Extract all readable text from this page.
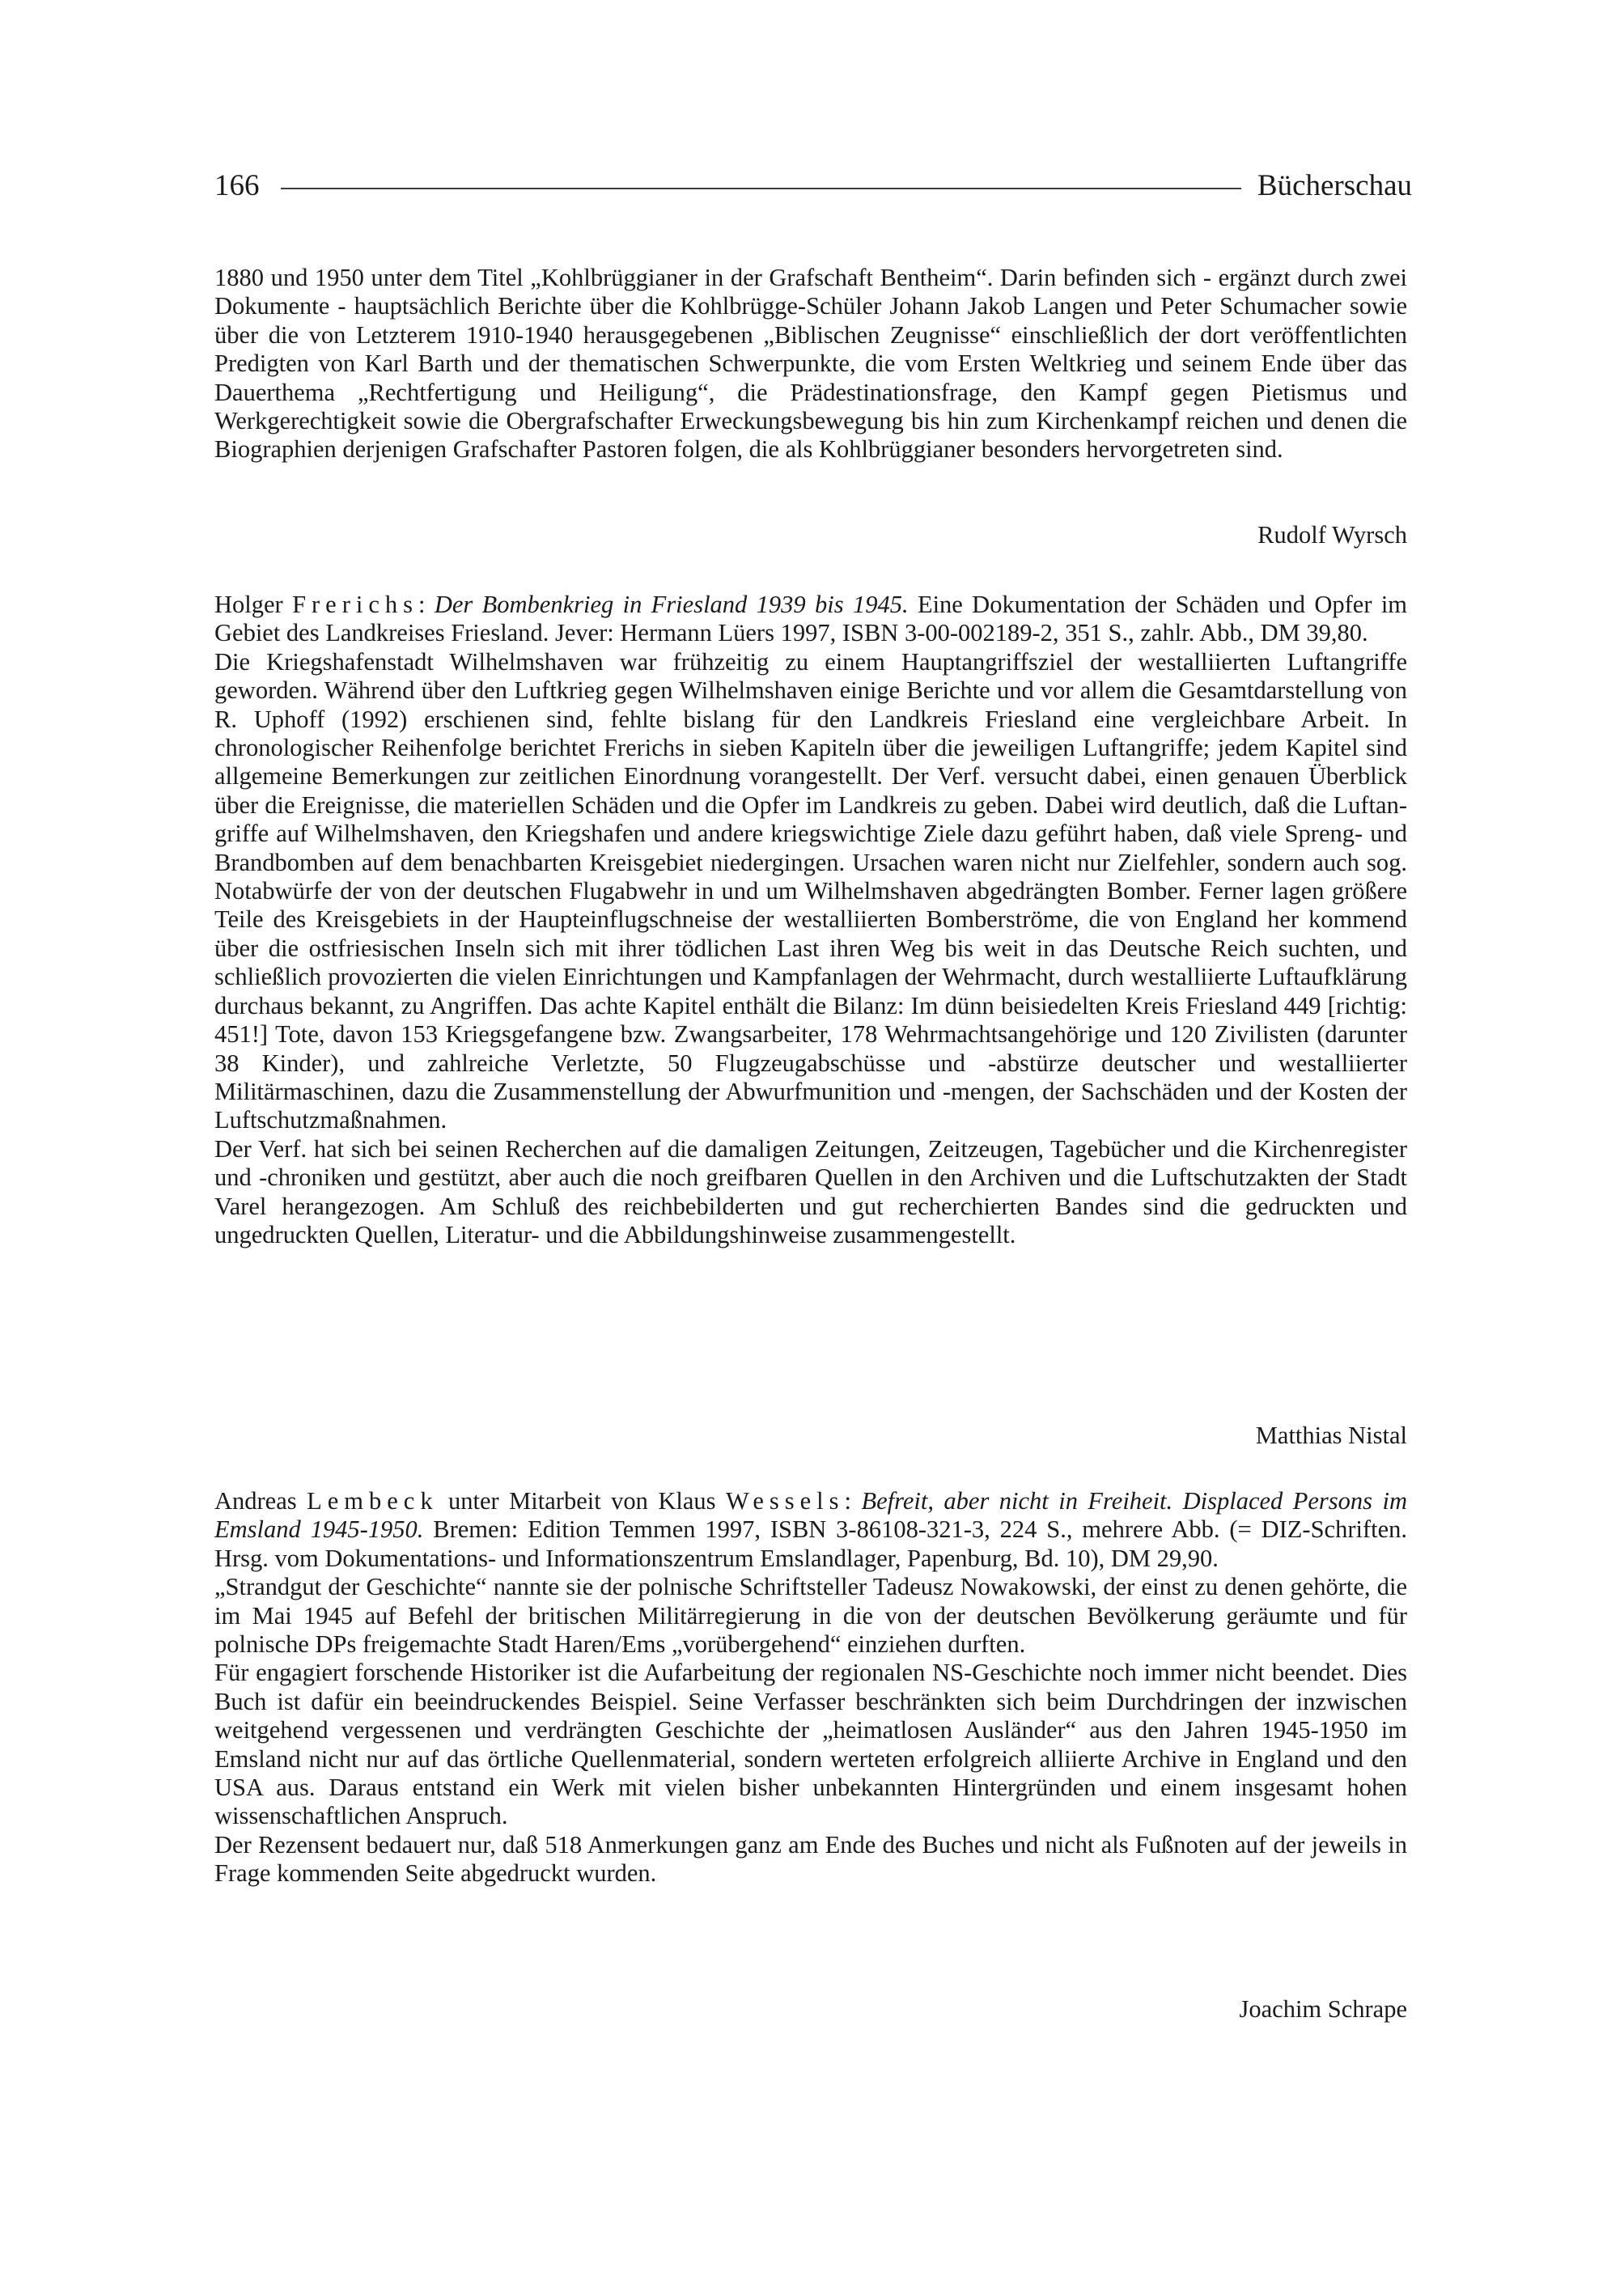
166	Bücherschau

1880 und 1950 unter dem Titel „Kohlbrüggianer in der Grafschaft Bentheim“. Darin befinden sich - ergänzt durch zwei Dokumente - hauptsächlich Berichte über die Kohlbrügge-Schüler Johann Jakob Langen und Peter Schumacher sowie über die von Letzterem 1910-1940 herausgegebenen „Biblischen Zeugnisse“ einschließlich der dort veröffentlichten Predigten von Karl Barth und der thematischen Schwerpunkte, die vom Ersten Weltkrieg und seinem Ende über das Dauerthema „Rechtfertigung und Heiligung“, die Prädestinationsfrage, den Kampf gegen Pietismus und Werkgerechtigkeit sowie die Obergrafschafter Erweckungsbewegung bis hin zum Kirchenkampf reichen und denen die Biographien derjenigen Grafschafter Pastoren folgen, die als Kohlbrüggianer besonders hervorgetreten sind.

Rudolf Wyrsch

Holger Frerichs: Der Bombenkrieg in Friesland 1939 bis 1945. Eine Dokumentation der Schäden und Opfer im Gebiet des Landkreises Friesland. Jever: Hermann Lüers 1997, ISBN 3-00-002189-2, 351 S., zahlr. Abb., DM 39,80.

Die Kriegshafenstadt Wilhelmshaven war frühzeitig zu einem Hauptangriffsziel der westalliierten Luftangriffe geworden. Während über den Luftkrieg gegen Wilhelmshaven einige Berichte und vor allem die Gesamtdarstellung von R. Uphoff (1992) erschienen sind, fehlte bislang für den Landkreis Friesland eine vergleichbare Arbeit. In chronologischer Reihenfolge berichtet Frerichs in sieben Kapiteln über die jeweiligen Luftangriffe; jedem Kapitel sind allgemeine Bemerkungen zur zeitlichen Einordnung vorangestellt. Der Verf. versucht dabei, einen genauen Überblick über die Ereignisse, die materiellen Schäden und die Opfer im Landkreis zu geben. Dabei wird deutlich, daß die Luftangriffe auf Wilhelmshaven, den Kriegshafen und andere kriegswichtige Ziele dazu geführt haben, daß viele Spreng- und Brandbomben auf dem benachbarten Kreisgebiet niedergingen. Ursachen waren nicht nur Zielfehler, sondern auch sog. Notabwürfe der von der deutschen Flugabwehr in und um Wilhelmshaven abgedrängten Bomber. Ferner lagen größere Teile des Kreisgebiets in der Haupteinflugschneise der westalliierten Bomberströme, die von England her kommend über die ostfriesischen Inseln sich mit ihrer tödlichen Last ihren Weg bis weit in das Deutsche Reich suchten, und schließlich provozierten die vielen Einrichtungen und Kampfanlagen der Wehrmacht, durch westalliierte Luftaufklärung durchaus bekannt, zu Angriffen. Das achte Kapitel enthält die Bilanz: Im dünn beisiedelten Kreis Friesland 449 [richtig: 451!] Tote, davon 153 Kriegsgefangene bzw. Zwangsarbeiter, 178 Wehrmachtsangehörige und 120 Zivilisten (darunter 38 Kinder), und zahlreiche Verletzte, 50 Flugzeugabschüsse und -abstürze deutscher und westalliierter Militärmaschinen, dazu die Zusammenstellung der Abwurfmunition und -mengen, der Sachschäden und der Kosten der Luftschutzmaßnahmen.

Der Verf. hat sich bei seinen Recherchen auf die damaligen Zeitungen, Zeitzeugen, Tagebücher und die Kirchenregister und -chroniken und gestützt, aber auch die noch greifbaren Quellen in den Archiven und die Luftschutzakten der Stadt Varel herangezogen. Am Schluß des reichbebilderten und gut recherchierten Bandes sind die gedruckten und ungedruckten Quellen, Literatur- und die Abbildungshinweise zusammengestellt.

Matthias Nistal

Andreas Lembeck unter Mitarbeit von Klaus Wessels: Befreit, aber nicht in Freiheit. Displaced Persons im Emsland 1945-1950. Bremen: Edition Temmen 1997, ISBN 3-86108-321-3, 224 S., mehrere Abb. (= DIZ-Schriften. Hrsg. vom Dokumentations- und Informationszentrum Emslandlager, Papenburg, Bd. 10), DM 29,90.

„Strandgut der Geschichte“ nannte sie der polnische Schriftsteller Tadeusz Nowakowski, der einst zu denen gehörte, die im Mai 1945 auf Befehl der britischen Militärregierung in die von der deutschen Bevölkerung geräumte und für polnische DPs freigemachte Stadt Haren/Ems „vorübergehend“ einziehen durften.

Für engagiert forschende Historiker ist die Aufarbeitung der regionalen NS-Geschichte noch immer nicht beendet. Dies Buch ist dafür ein beeindruckendes Beispiel. Seine Verfasser beschränkten sich beim Durchdringen der inzwischen weitgehend vergessenen und verdrängten Geschichte der „heimatlosen Ausländer“ aus den Jahren 1945-1950 im Emsland nicht nur auf das örtliche Quellenmaterial, sondern werteten erfolgreich alliierte Archive in England und den USA aus. Daraus entstand ein Werk mit vielen bisher unbekannten Hintergründen und einem insgesamt hohen wissenschaftlichen Anspruch.

Der Rezensent bedauert nur, daß 518 Anmerkungen ganz am Ende des Buches und nicht als Fußnoten auf der jeweils in Frage kommenden Seite abgedruckt wurden.

Joachim Schrape
